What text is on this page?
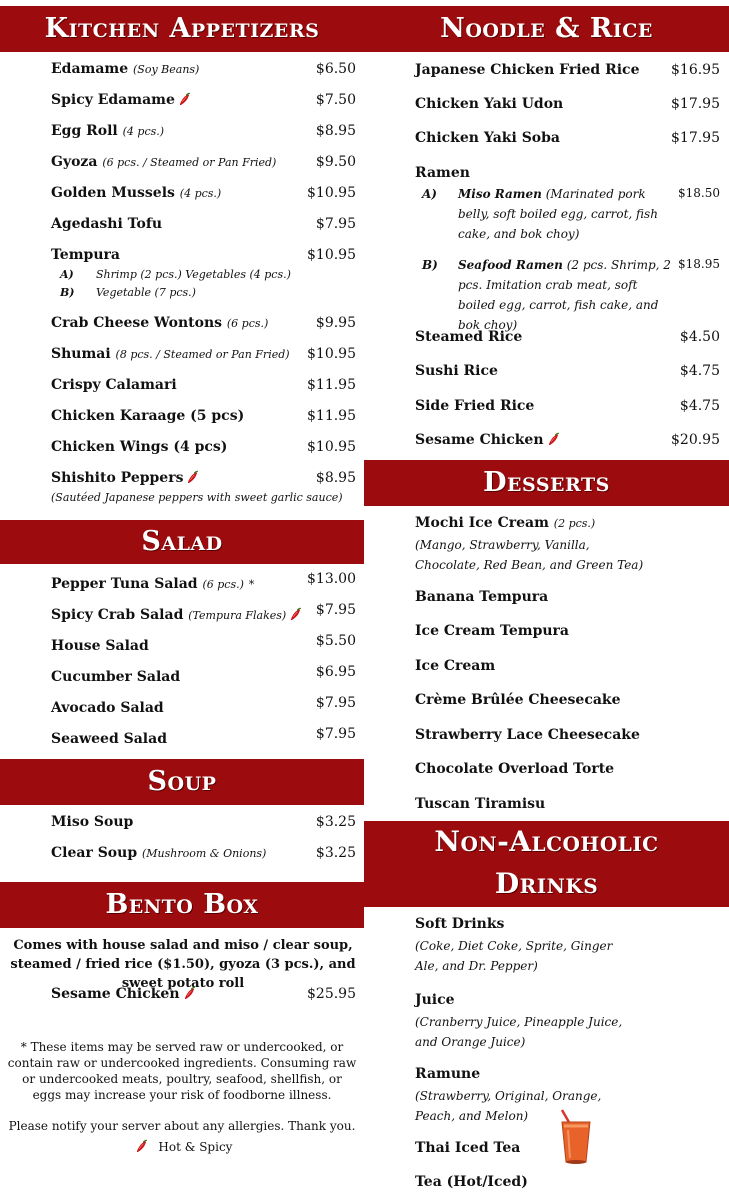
Kitchen Appetizers
Edamame (Soy Beans)	$6.50
Spicy Edamame	$7.50
Egg Roll (4 pcs.)	$8.95
Gyoza (6 pcs. / Steamed or Pan Fried)	$9.50
Golden Mussels (4 pcs.)	$10.95
Agedashi Tofu	$7.95
Tempura	$10.95
A) Shrimp (2 pcs.) Vegetables (4 pcs.)
B) Vegetable (7 pcs.)
Crab Cheese Wontons (6 pcs.)	$9.95
Shumai (8 pcs. / Steamed or Pan Fried) $10.95
Crispy Calamari	$11.95
Chicken Karaage (5 pcs)	$11.95
Chicken Wings (4 pcs)	$10.95
Shishito Peppers	$8.95
(Sautéed Japanese peppers with sweet garlic sauce)
Salad
Pepper Tuna Salad (6 pcs.) *	$13.00
Spicy Crab Salad (Tempura Flakes)	$7.95
House Salad	$5.50
Cucumber Salad	$6.95
Avocado Salad	$7.95
Seaweed Salad	$7.95
Soup
Miso Soup	$3.25
Clear Soup (Mushroom & Onions)	$3.25
Bento Box
Comes with house salad and miso / clear soup, steamed / fried rice ($1.50), gyoza (3 pcs.), and sweet potato roll
Sesame Chicken	$25.95
* These items may be served raw or undercooked, or contain raw or undercooked ingredients. Consuming raw or undercooked meats, poultry, seafood, shellfish, or eggs may increase your risk of foodborne illness.
Please notify your server about any allergies. Thank you.
Hot & Spicy
Noodle & Rice
Japanese Chicken Fried Rice $16.95
Chicken Yaki Udon	$17.95
Chicken Yaki Soba	$17.95
Ramen
A) Miso Ramen (Marinated pork belly, soft boiled egg, carrot, fish cake, and bok choy)
$18.50
B) Seafood Ramen (2 pcs. Shrimp, 2 pcs. Imitation crab meat, soft boiled egg, carrot, fish cake, and bok choy)
$18.95
Steamed Rice	$4.50
Sushi Rice	$4.75
Side Fried Rice	$4.75
Sesame Chicken	$20.95
Desserts
Mochi Ice Cream (2 pcs.)
(Mango, Strawberry, Vanilla, Chocolate, Red Bean, and Green Tea)
Banana Tempura
Ice Cream Tempura
Ice Cream
Crème Brûlée Cheesecake
Strawberry Lace Cheesecake
Chocolate Overload Torte
Tuscan Tiramisu
Non-Alcoholic
Drinks
Soft Drinks
(Coke, Diet Coke, Sprite, Ginger Ale, and Dr. Pepper)
Juice
(Cranberry Juice, Pineapple Juice, and Orange Juice)
Ramune
(Strawberry, Original, Orange, Peach, and Melon)
Thai Iced Tea
Tea (Hot/Iced)
